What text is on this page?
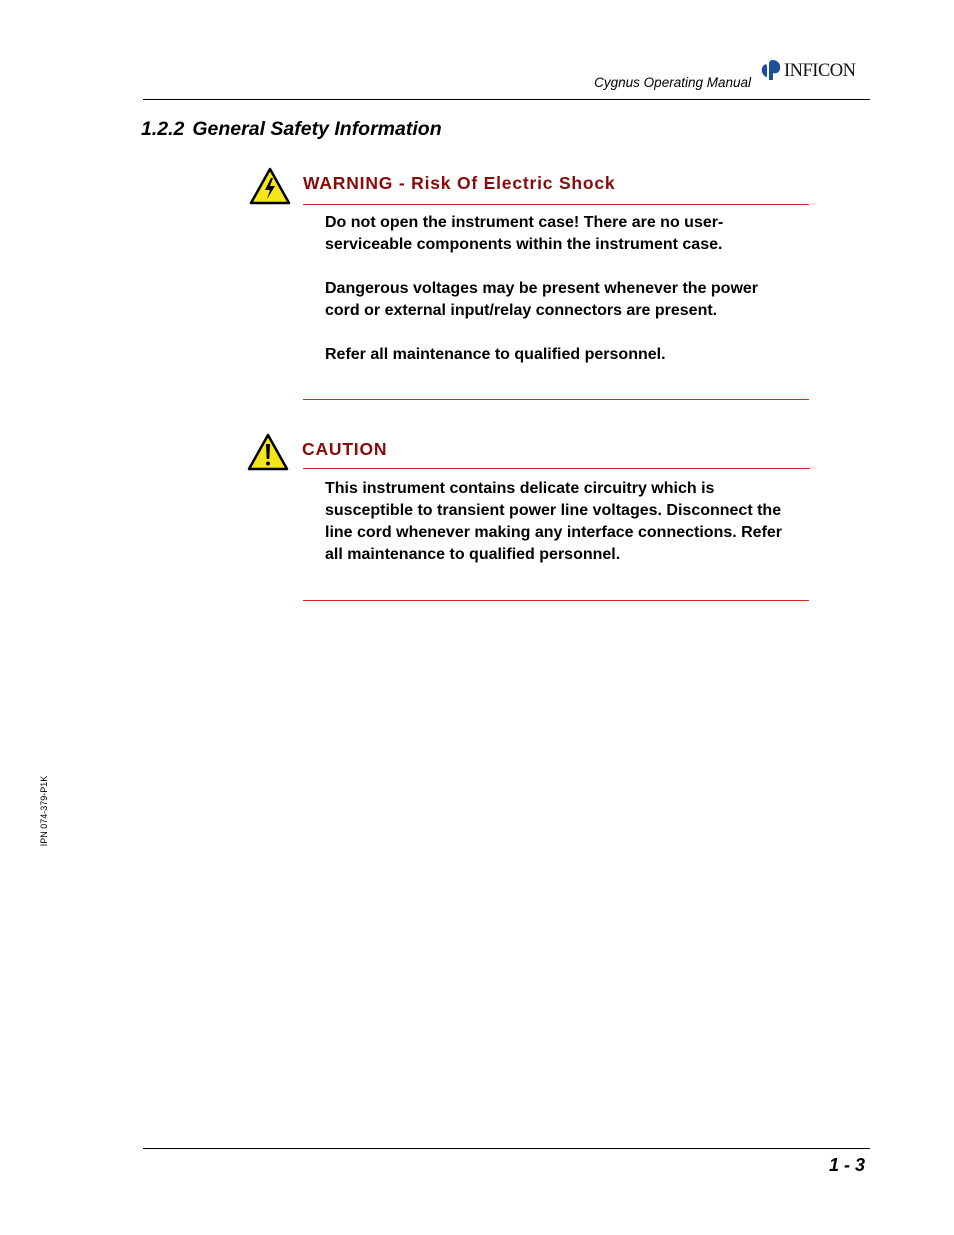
Cygnus Operating Manual
INFICON
1.2.2 General Safety Information
WARNING - Risk Of Electric Shock

Do not open the instrument case! There are no user-serviceable components within the instrument case.

Dangerous voltages may be present whenever the power cord or external input/relay connectors are present.

Refer all maintenance to qualified personnel.

CAUTION

This instrument contains delicate circuitry which is susceptible to transient power line voltages. Disconnect the line cord whenever making any interface connections. Refer all maintenance to qualified personnel.

IPN 074-379-P1K
1 - 3
